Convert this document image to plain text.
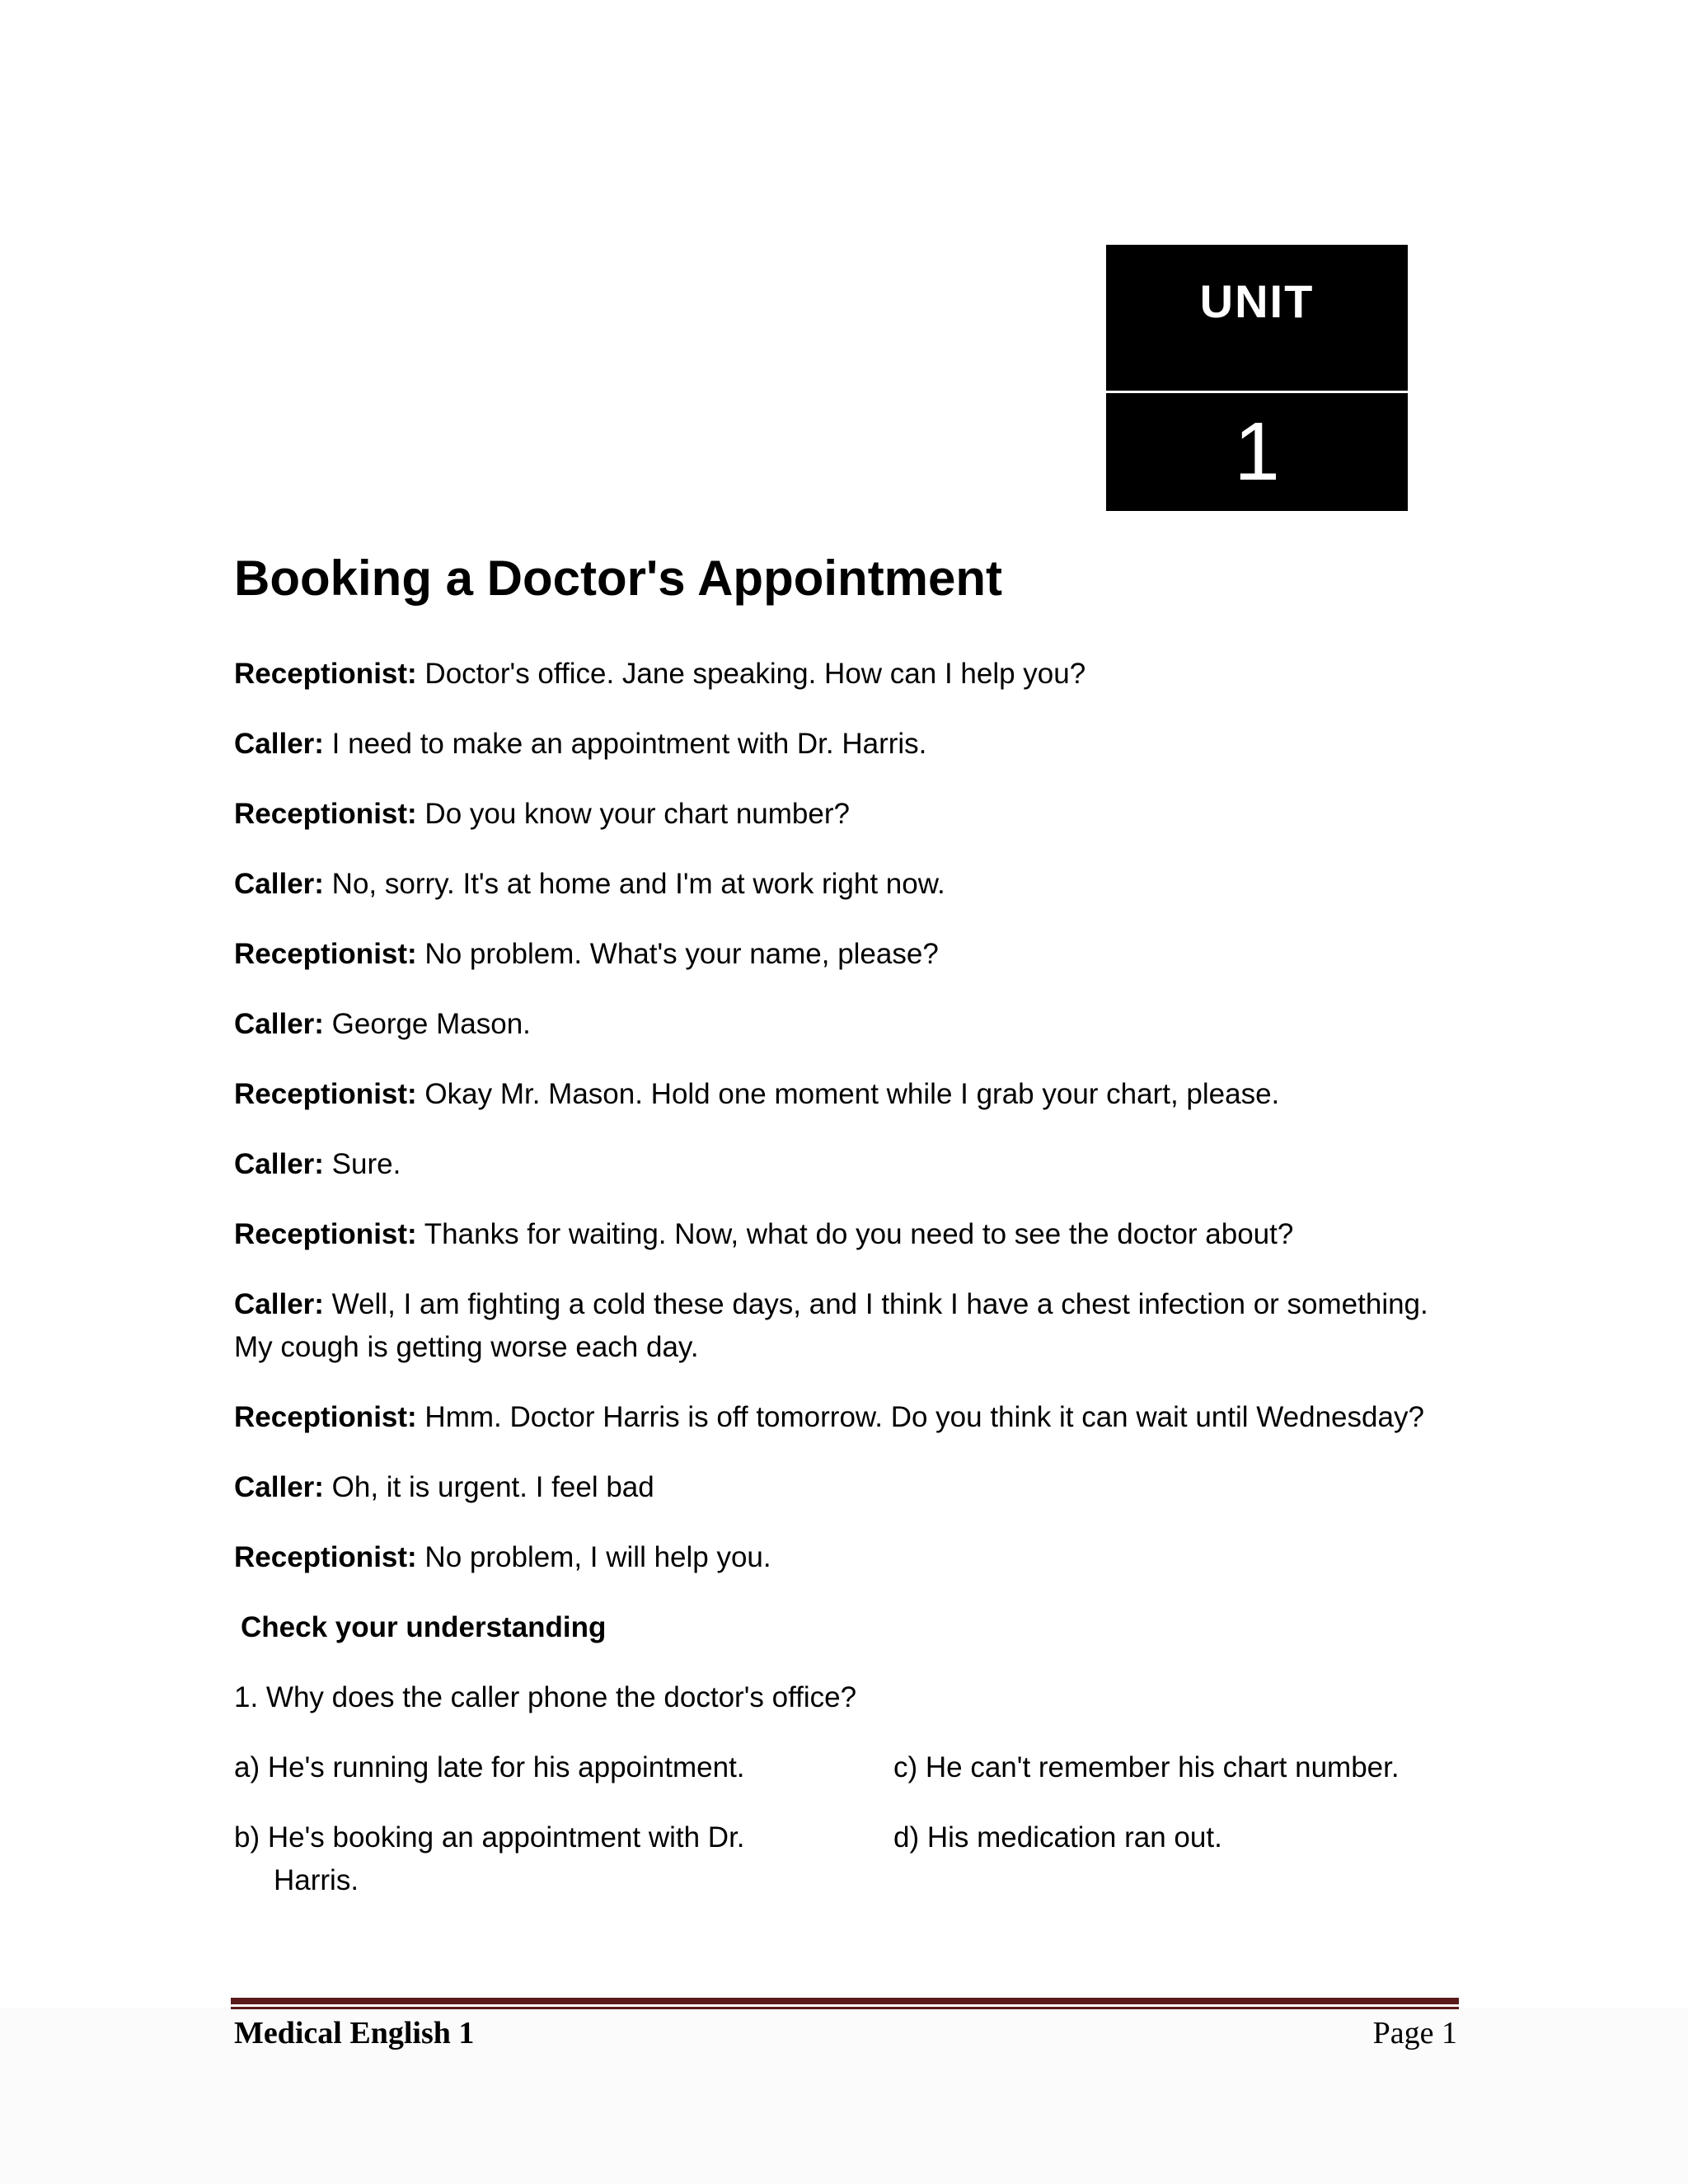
UNIT
1
Booking a Doctor's Appointment

Receptionist: Doctor's office. Jane speaking. How can I help you?

Caller: I need to make an appointment with Dr. Harris.

Receptionist: Do you know your chart number?

Caller: No, sorry. It's at home and I'm at work right now.

Receptionist: No problem. What's your name, please?

Caller: George Mason.

Receptionist: Okay Mr. Mason. Hold one moment while I grab your chart, please.

Caller: Sure.

Receptionist: Thanks for waiting. Now, what do you need to see the doctor about?

Caller: Well, I am fighting a cold these days, and I think I have a chest infection or something. My cough is getting worse each day.

Receptionist: Hmm. Doctor Harris is off tomorrow. Do you think it can wait until Wednesday?

Caller: Oh, it is urgent. I feel bad

Receptionist: No problem, I will help you.

Check your understanding
1. Why does the caller phone the doctor's office?
a) He's running late for his appointment.	c) He can't remember his chart number.
b) He's booking an appointment with Dr.
Harris.
d) His medication ran out.
Medical English 1	Page 1
